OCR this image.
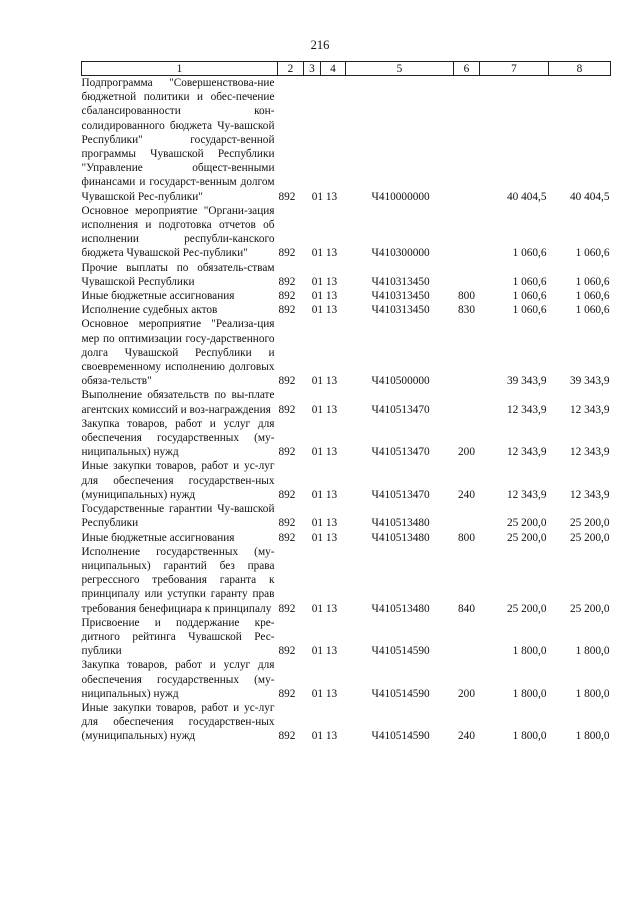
216
1	2	3	4	5	6	7	8
Подпрограмма "Совершенствова-ние бюджетной политики и обес-печение сбалансированности кон-солидированного бюджета Чу-вашской Республики" государст-венной программы Чувашской Республики "Управление общест-венными финансами и государст-венным долгом Чувашской Рес-публики"	892	01 13		Ч410000000		40 404,5	40 404,5
Основное мероприятие "Органи-зация исполнения и подготовка отчетов об исполнении республи-канского бюджета Чувашской Рес-публики"	892	01 13		Ч410300000		1 060,6	1 060,6
Прочие выплаты по обязатель-ствам Чувашской Республики	892	01 13		Ч410313450		1 060,6	1 060,6
Иные бюджетные ассигнования	892	01 13		Ч410313450	800	1 060,6	1 060,6
Исполнение судебных актов	892	01 13		Ч410313450	830	1 060,6	1 060,6
Основное мероприятие "Реализа-ция мер по оптимизации госу-дарственного долга Чувашской Республики и своевременному исполнению долговых обяза-тельств"	892	01 13		Ч410500000		39 343,9	39 343,9
Выполнение обязательств по вы-плате агентских комиссий и воз-награждения	892	01 13		Ч410513470		12 343,9	12 343,9
Закупка товаров, работ и услуг для обеспечения государственных (му-ниципальных) нужд	892	01 13		Ч410513470	200	12 343,9	12 343,9
Иные закупки товаров, работ и ус-луг для обеспечения государствен-ных (муниципальных) нужд	892	01 13		Ч410513470	240	12 343,9	12 343,9
Государственные гарантии Чу-вашской Республики	892	01 13		Ч410513480		25 200,0	25 200,0
Иные бюджетные ассигнования	892	01 13		Ч410513480	800	25 200,0	25 200,0
Исполнение государственных (му-ниципальных) гарантий без права регрессного требования гаранта к принципалу или уступки гаранту прав требования бенефициара к принципалу	892	01 13		Ч410513480	840	25 200,0	25 200,0
Присвоение и поддержание кре-дитного рейтинга Чувашской Рес-публики	892	01 13		Ч410514590		1 800,0	1 800,0
Закупка товаров, работ и услуг для обеспечения государственных (му-ниципальных) нужд	892	01 13		Ч410514590	200	1 800,0	1 800,0
Иные закупки товаров, работ и ус-луг для обеспечения государствен-ных (муниципальных) нужд	892	01 13		Ч410514590	240	1 800,0	1 800,0
